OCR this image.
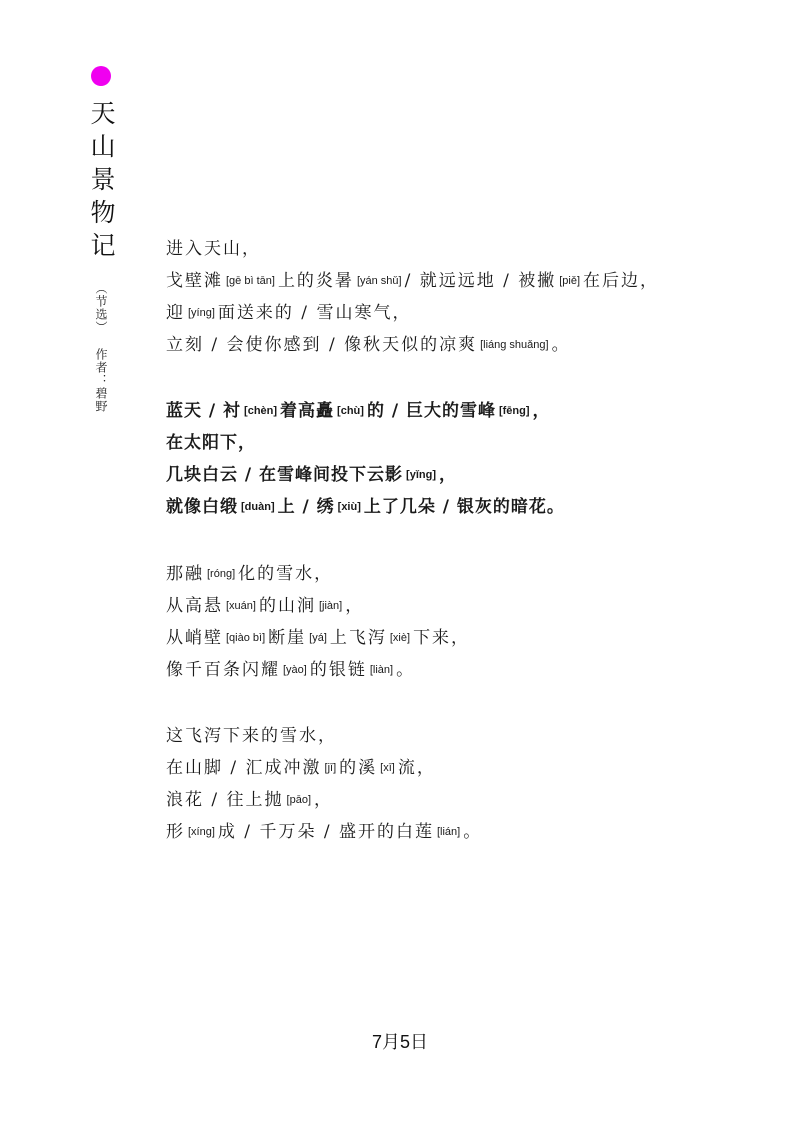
天山景物记
（节选）作者：碧野
进入天山，
戈壁滩 [gē bì tān] 上的炎暑 [yán shǔ] / 就远远地 / 被撇 [piě] 在后边，
迎 [yíng] 面送来的 / 雪山寒气，
立刻 / 会使你感到 / 像秋天似的凉爽 [liáng shuǎng] 。
蓝天 / 衬 [chèn] 着高矗 [chù] 的 / 巨大的雪峰 [fēng] ，
在太阳下，
几块白云 / 在雪峰间投下云影 [yǐng] ，
就像白缎 [duàn] 上 / 绣 [xiù] 上了几朵 / 银灰的暗花。
那融 [róng] 化的雪水，
从高悬 [xuán] 的山涧 [jiàn] ，
从峭壁 [qiào bì] 断崖 [yá] 上飞泻 [xiè] 下来，
像千百条闪耀 [yào] 的银链 [liàn] 。
这飞泻下来的雪水，
在山脚 / 汇成冲激 [jī] 的溪 [xī] 流，
浪花 / 往上抛 [pāo] ，
形 [xíng] 成 / 千万朵 / 盛开的白莲 [lián] 。
7月5日
